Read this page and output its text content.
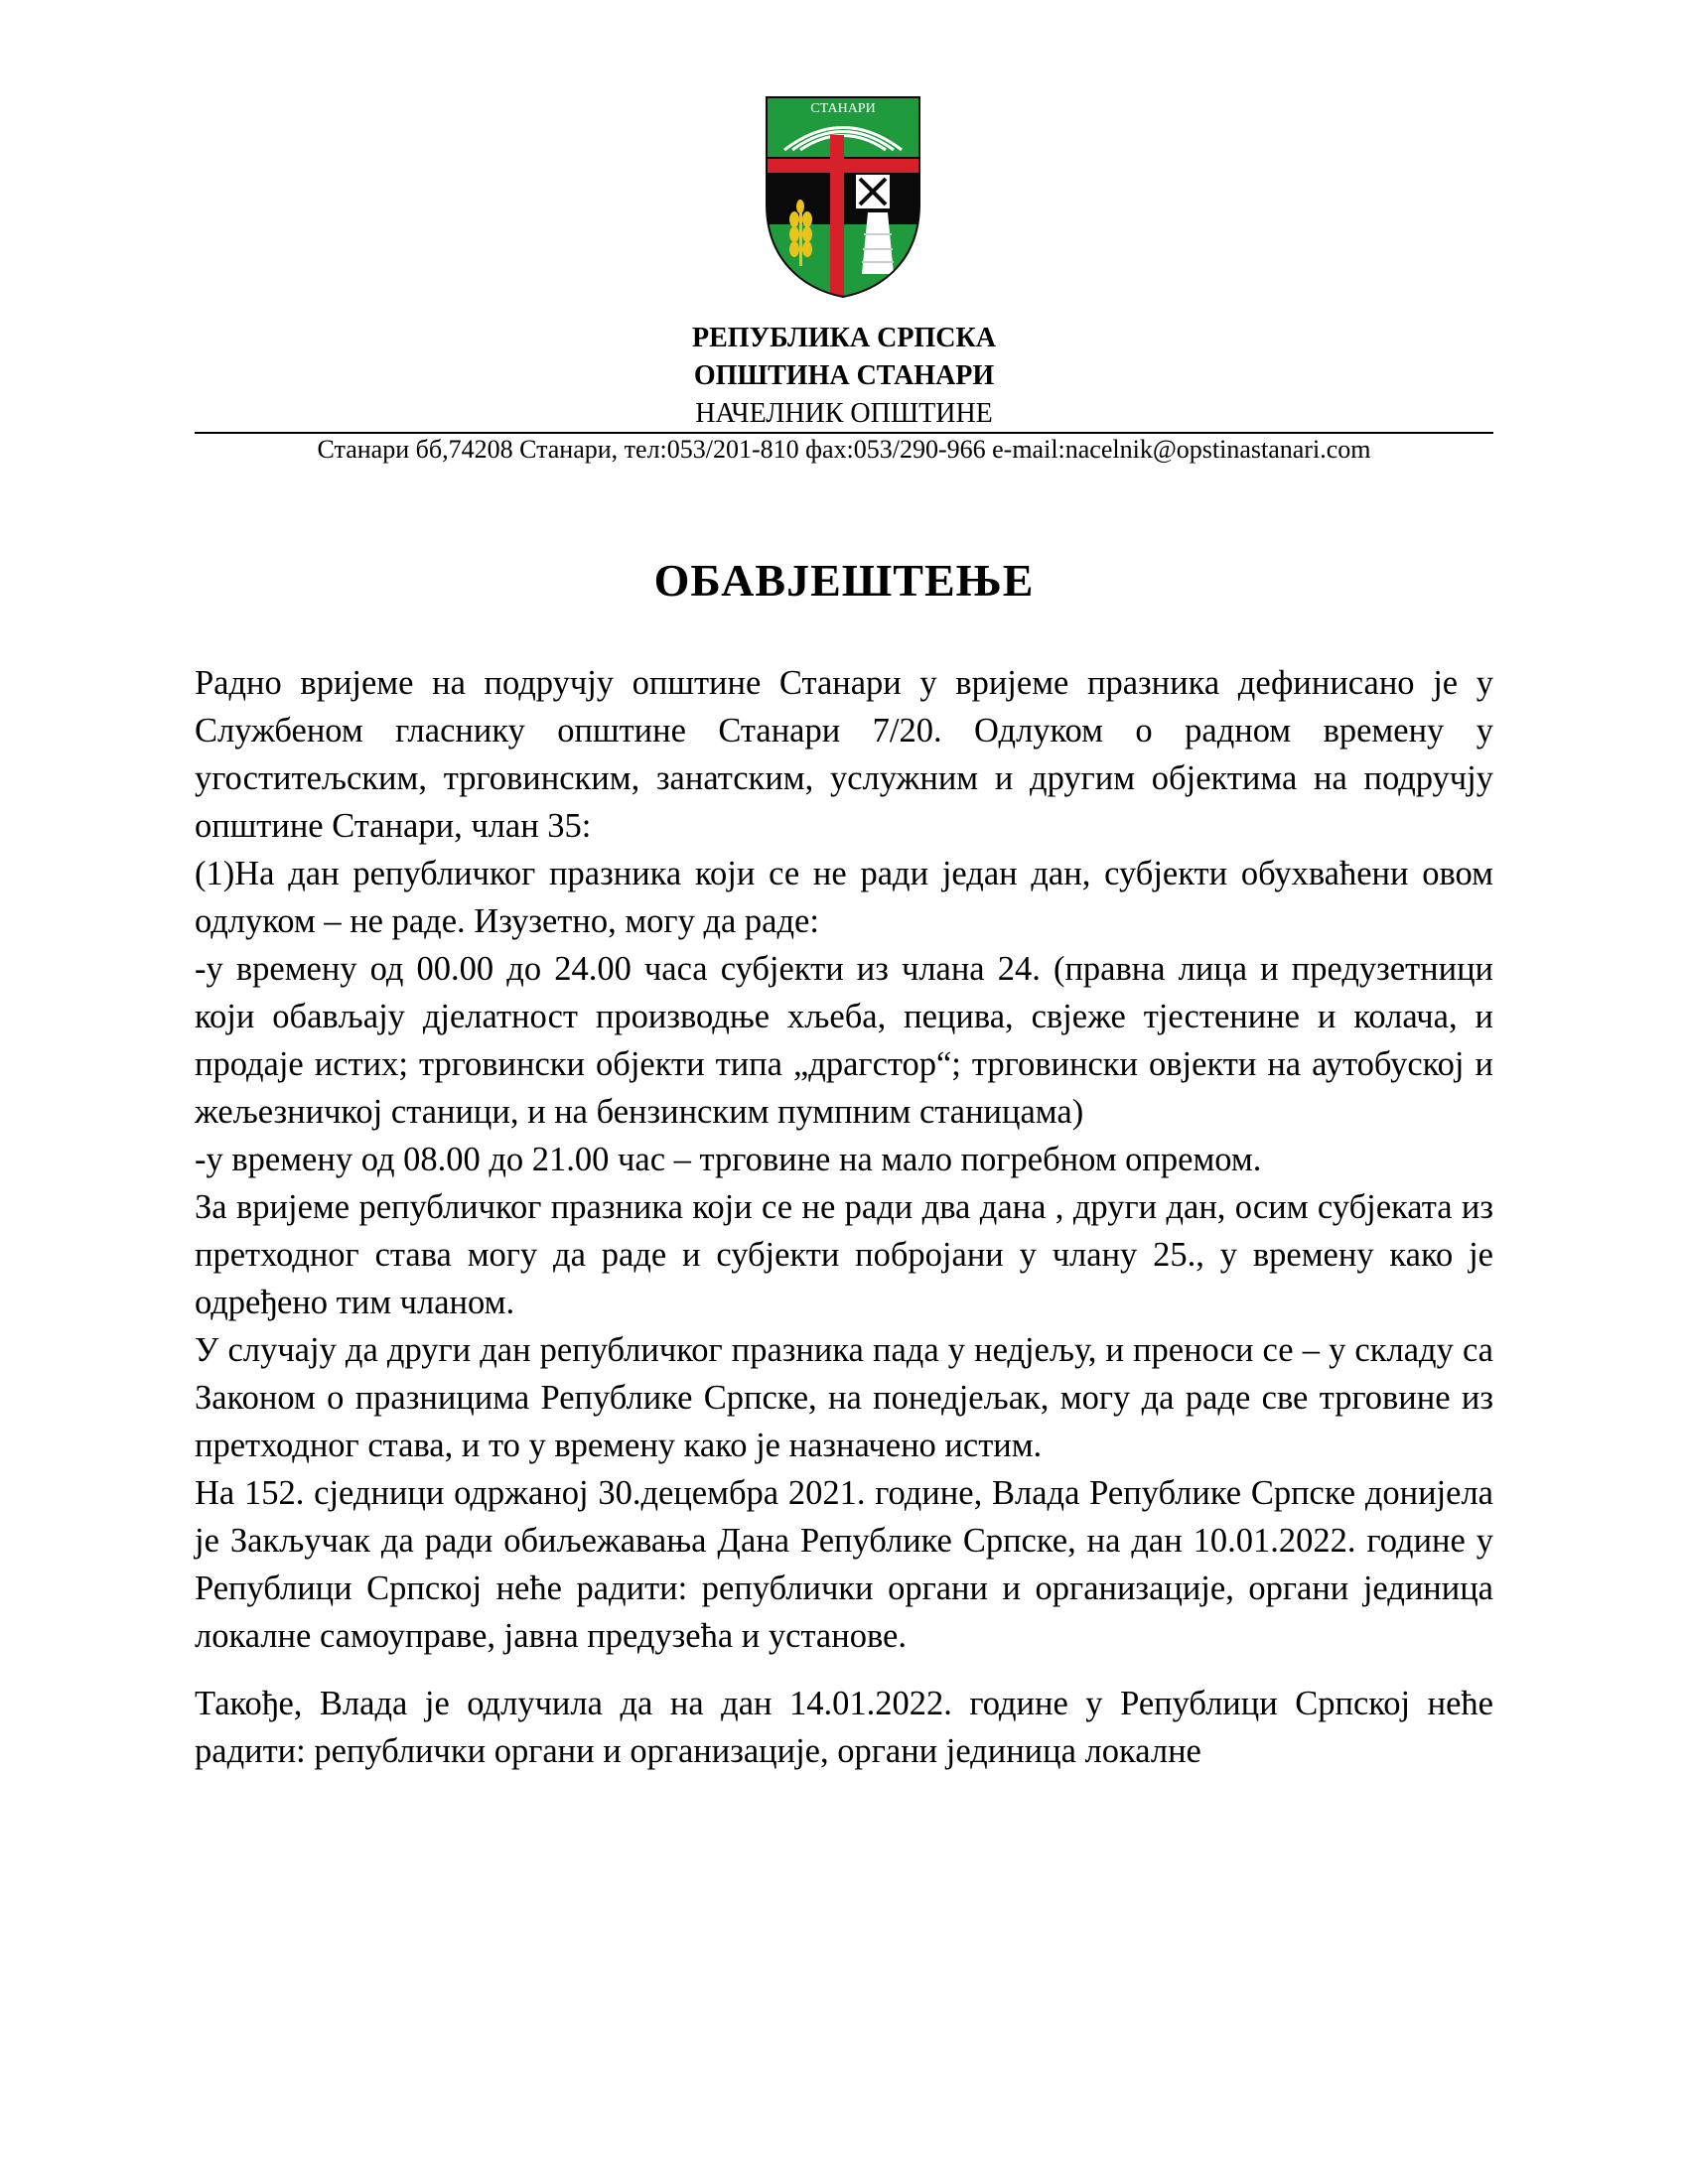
СТАНАРИ
РЕПУБЛИКА СРПСКА
ОПШТИНА СТАНАРИ
НАЧЕЛНИК ОПШТИНЕ
Станари бб,74208 Станари, тел:053/201-810 фах:053/290-966 e-mail:nacelnik@opstinastanari.com
ОБАВЈЕШТЕЊЕ

Радно вријеме на подручју општине Станари у вријеме празника дефинисано је у Службеном гласнику општине Станари 7/20. Одлуком о радном времену у угоститељским, трговинским, занатским, услужним и другим објектима на подручју општине Станари, члан 35:

(1)На дан републичког празника који се не ради један дан, субјекти обухваћени овом одлуком – не раде. Изузетно, могу да раде:

-у времену од 00.00 до 24.00 часа субјекти из члана 24. (правна лица и предузетници који обављају дјелатност производње хљеба, пецива, свјеже тјестенине и колача, и продаје истих; трговински објекти типа „драгстор“; трговински овјекти на аутобуској и жељезничкој станици, и на бензинским пумпним станицама)

-у времену од 08.00 до 21.00 час – трговине на мало погребном опремом.

За вријеме републичког празника који се не ради два дана , други дан, осим субјеката из претходног става могу да раде и субјекти побројани у члану 25., у времену како је одређено тим чланом.

У случају да други дан републичког празника пада у недјељу, и преноси се – у складу са Законом о празницима Републике Српске, на понедјељак, могу да раде све трговине из претходног става, и то у времену како је назначено истим.

На 152. сједници одржаној 30.децембра 2021. године, Влада Републике Српске донијела је Закључак да ради обиљежавања Дана Републике Српске, на дан 10.01.2022. године у Републици Српској неће радити: републички органи и организације, органи јединица локалне самоуправе, јавна предузећа и установе.

Такође, Влада је одлучила да на дан 14.01.2022. године у Републици Српској неће радити: републички органи и организације, органи јединица локалне
